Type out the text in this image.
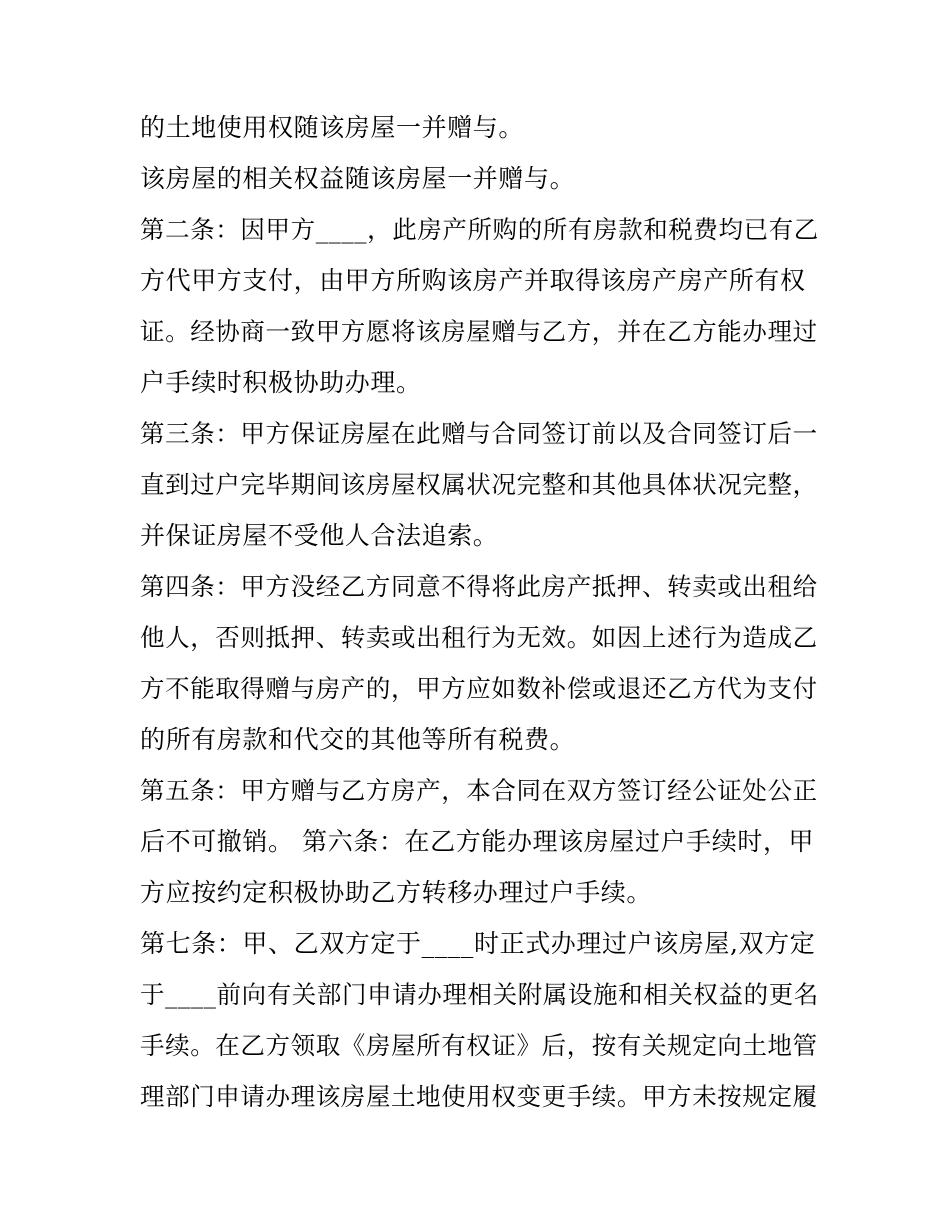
的土地使用权随该房屋一并赠与。
该房屋的相关权益随该房屋一并赠与。
第二条：因甲方____，此房产所购的所有房款和税费均已有乙
方代甲方支付，由甲方所购该房产并取得该房产房产所有权
证。经协商一致甲方愿将该房屋赠与乙方，并在乙方能办理过
户手续时积极协助办理。
第三条：甲方保证房屋在此赠与合同签订前以及合同签订后一
直到过户完毕期间该房屋权属状况完整和其他具体状况完整，
并保证房屋不受他人合法追索。
第四条：甲方没经乙方同意不得将此房产抵押、转卖或出租给
他人，否则抵押、转卖或出租行为无效。如因上述行为造成乙
方不能取得赠与房产的，甲方应如数补偿或退还乙方代为支付
的所有房款和代交的其他等所有税费。
第五条：甲方赠与乙方房产，本合同在双方签订经公证处公正
后不可撤销。 第六条：在乙方能办理该房屋过户手续时，甲
方应按约定积极协助乙方转移办理过户手续。
第七条：甲、乙双方定于____时正式办理过户该房屋,双方定
于____前向有关部门申请办理相关附属设施和相关权益的更名
手续。在乙方领取《房屋所有权证》后，按有关规定向土地管
理部门申请办理该房屋土地使用权变更手续。甲方未按规定履
